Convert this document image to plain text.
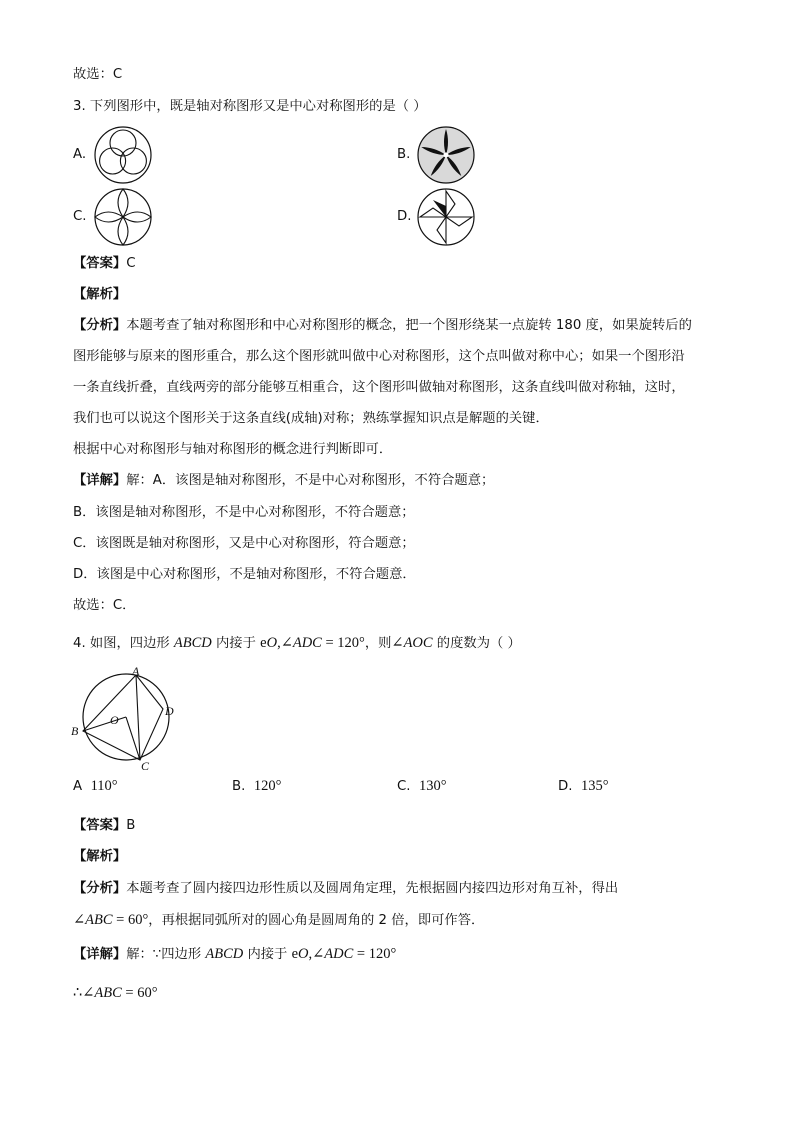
故选：C
3. 下列图形中，既是轴对称图形又是中心对称图形的是（ ）
A.	B.
C.	D.
【答案】C
【解析】
【分析】本题考查了轴对称图形和中心对称图形的概念，把一个图形绕某一点旋转 180 度，如果旋转后的
图形能够与原来的图形重合，那么这个图形就叫做中心对称图形，这个点叫做对称中心；如果一个图形沿
一条直线折叠，直线两旁的部分能够互相重合，这个图形叫做轴对称图形，这条直线叫做对称轴，这时，
我们也可以说这个图形关于这条直线(成轴)对称；熟练掌握知识点是解题的关键．
根据中心对称图形与轴对称图形的概念进行判断即可．
【详解】解：A．该图是轴对称图形，不是中心对称图形，不符合题意；
B．该图是轴对称图形，不是中心对称图形，不符合题意；
C．该图既是轴对称图形，又是中心对称图形，符合题意；
D．该图是中心对称图形，不是轴对称图形，不符合题意．
故选：C．
4. 如图，四边形 ABCD 内接于 eO,∠ADC = 120°，则∠AOC 的度数为（ ）
A
B
C
D
O
A 110°	B. 120°	C. 130°	D. 135°
【答案】B
【解析】
【分析】本题考查了圆内接四边形性质以及圆周角定理，先根据圆内接四边形对角互补，得出
∠ABC = 60°，再根据同弧所对的圆心角是圆周角的 2 倍，即可作答．
【详解】解：∵四边形 ABCD 内接于 eO,∠ADC = 120°
∴∠ABC = 60°
